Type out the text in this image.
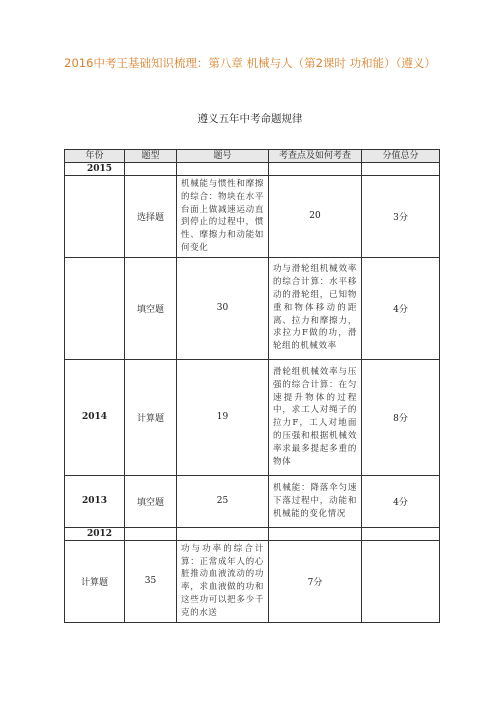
2016中考王基础知识梳理：第八章 机械与人（第2课时 功和能）（遵义）
遵义五年中考命题规律
年份	题型	题号	考查点及如何考查	分值总分
2015				
	选择题	机械能与惯性和摩擦的综合：物块在水平台面上做减速运动直到停止的过程中，惯性、摩擦力和动能如何变化	20	3分
	填空题	30	功与滑轮组机械效率的综合计算：水平移动的滑轮组，已知物重和物体移动的距离、拉力和摩擦力，求拉力F做的功，滑轮组的机械效率	4分
2014	计算题	19	滑轮组机械效率与压强的综合计算：在匀速提升物体的过程中，求工人对绳子的拉力F，工人对地面的压强和根据机械效率求最多提起多重的物体	8分
2013	填空题	25	机械能：降落伞匀速下落过程中，动能和机械能的变化情况	4分
2012				
计算题	35	功与功率的综合计算：正常成年人的心脏推动血液流动的功率，求血液做的功和这些功可以把多少千克的水送	7分	
